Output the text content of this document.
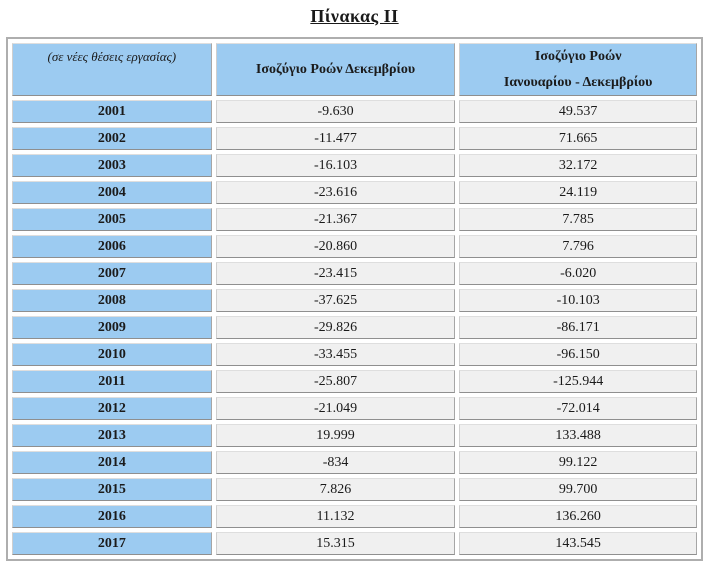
Πίνακας II
(σε νέες θέσεις εργασίας)	Ισοζύγιο Ροών Δεκεμβρίου	Ισοζύγιο Ροών
Ιανουαρίου - Δεκεμβρίου

2001	-9.630	49.537
2002	-11.477	71.665
2003	-16.103	32.172
2004	-23.616	24.119
2005	-21.367	7.785
2006	-20.860	7.796
2007	-23.415	-6.020
2008	-37.625	-10.103
2009	-29.826	-86.171
2010	-33.455	-96.150
2011	-25.807	-125.944
2012	-21.049	-72.014
2013	19.999	133.488
2014	-834	99.122
2015	7.826	99.700
2016	11.132	136.260
2017	15.315	143.545
